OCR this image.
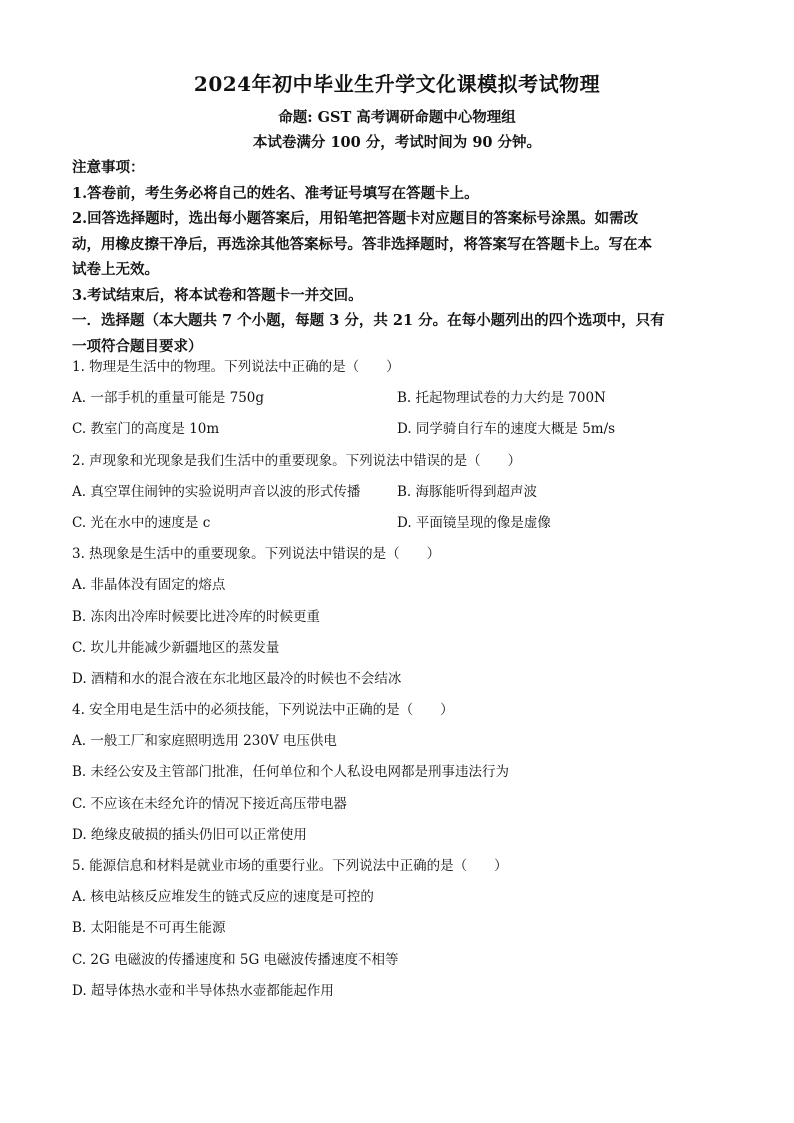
2024年初中毕业生升学文化课模拟考试物理
命题: GST 高考调研命题中心物理组
本试卷满分 100 分，考试时间为 90 分钟。
注意事项：
1.答卷前，考生务必将自己的姓名、准考证号填写在答题卡上。
2.回答选择题时，选出每小题答案后，用铅笔把答题卡对应题目的答案标号涂黑。如需改
动，用橡皮擦干净后，再选涂其他答案标号。答非选择题时，将答案写在答题卡上。写在本
试卷上无效。
3.考试结束后，将本试卷和答题卡一并交回。
一．选择题（本大题共 7 个小题，每题 3 分，共 21 分。在每小题列出的四个选项中，只有
一项符合题目要求）
1. 物理是生活中的物理。下列说法中正确的是（　　）
A. 一部手机的重量可能是 750g	B. 托起物理试卷的力大约是 700N
C. 教室门的高度是 10m	D. 同学骑自行车的速度大概是 5m/s
2. 声现象和光现象是我们生活中的重要现象。下列说法中错误的是（　　）
A. 真空罩住闹钟的实验说明声音以波的形式传播	B. 海豚能听得到超声波
C. 光在水中的速度是 c	D. 平面镜呈现的像是虚像
3. 热现象是生活中的重要现象。下列说法中错误的是（　　）
A. 非晶体没有固定的熔点
B. 冻肉出冷库时候要比进冷库的时候更重
C. 坎儿井能减少新疆地区的蒸发量
D. 酒精和水的混合液在东北地区最冷的时候也不会结冰
4. 安全用电是生活中的必须技能，下列说法中正确的是（　　）
A. 一般工厂和家庭照明选用 230V 电压供电
B. 未经公安及主管部门批准，任何单位和个人私设电网都是刑事违法行为
C. 不应该在未经允许的情况下接近高压带电器
D. 绝缘皮破损的插头仍旧可以正常使用
5. 能源信息和材料是就业市场的重要行业。下列说法中正确的是（　　）
A. 核电站核反应堆发生的链式反应的速度是可控的
B. 太阳能是不可再生能源
C. 2G 电磁波的传播速度和 5G 电磁波传播速度不相等
D. 超导体热水壶和半导体热水壶都能起作用
